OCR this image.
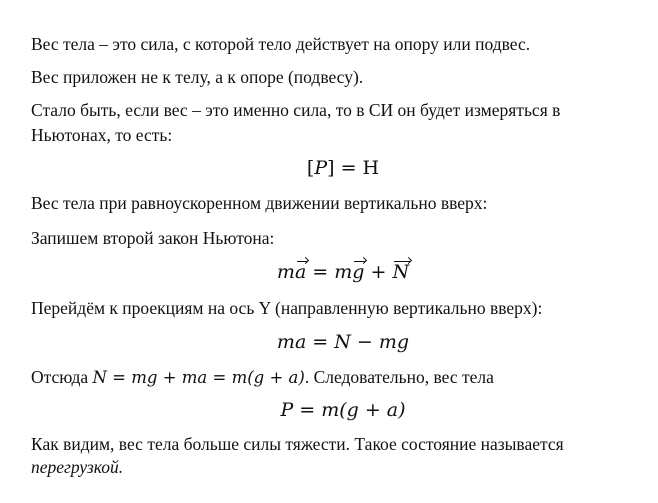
Вес тела – это сила, с которой тело действует на опору или подвес.
Вес приложен не к телу, а к опоре (подвесу).
Стало быть, если вес – это именно сила, то в СИ он будет измеряться в
Ньютонах, то есть:
[P] = Н
Вес тела при равноускоренном движении вертикально вверх:
Запишем второй закон Ньютона:
ma = mg + N
Перейдём к проекциям на ось Y (направленную вертикально вверх):
ma = N − mg
Отсюда N = mg + ma = m(g + a). Следовательно, вес тела
P = m(g + a)
Как видим, вес тела больше силы тяжести. Такое состояние называется
перегрузкой.
